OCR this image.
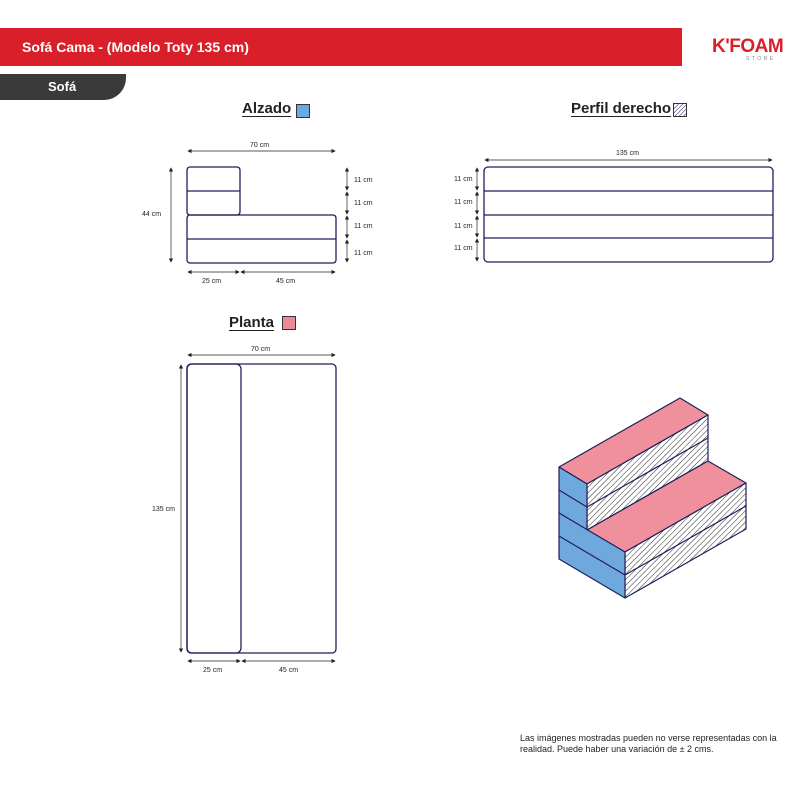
Sofá Cama - (Modelo Toty 135 cm)
Sofá
K'FOAM
STORE
Alzado	Perfil derecho
Planta
70 cm
44 cm
25 cm	45 cm
11 cm
11 cm
11 cm
11 cm
135 cm
11 cm
11 cm
11 cm
11 cm
70 cm
135 cm
25 cm	45 cm
Las imágenes mostradas pueden no verse representadas con la realidad. Puede haber una variación de ± 2 cms.
